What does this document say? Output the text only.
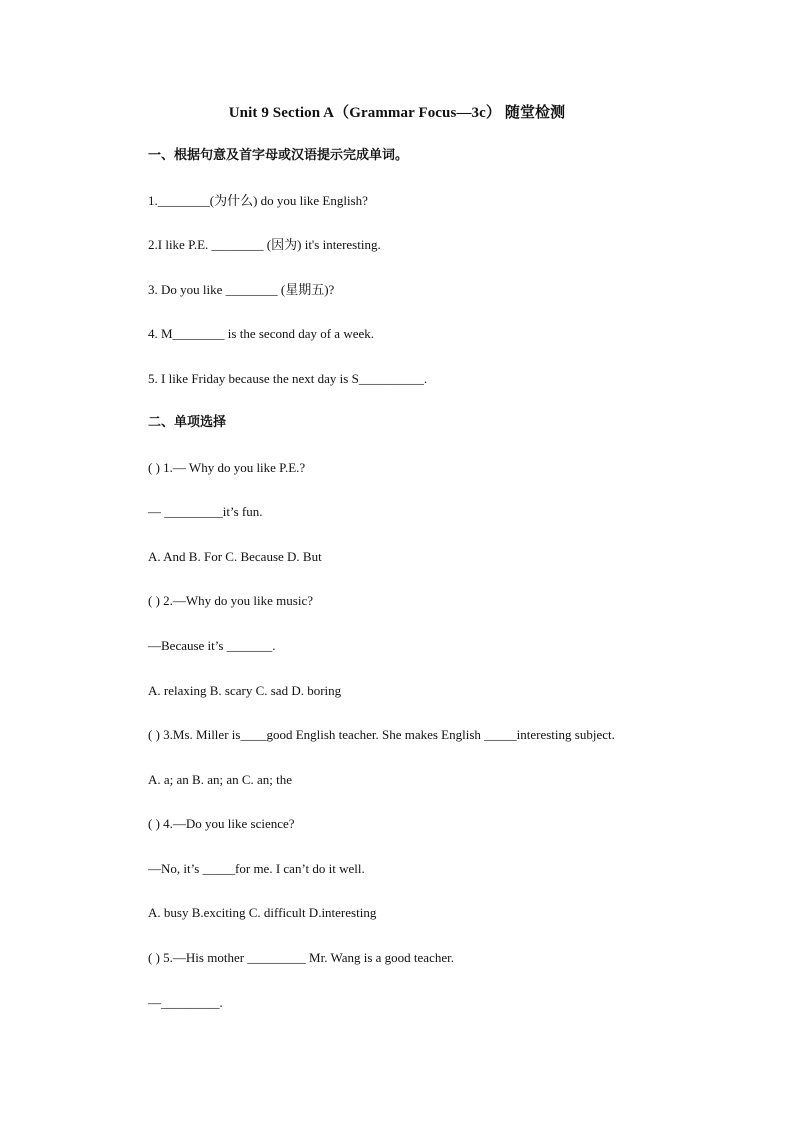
Unit 9 Section A（Grammar Focus—3c） 随堂检测
一、根据句意及首字母或汉语提示完成单词。
1.________(为什么) do you like English?
2.I like P.E. ________ (因为) it's interesting.
3. Do you like ________ (星期五)?
4. M________ is the second day of a week.
5. I like Friday because the next day is S__________.
二、单项选择
( ) 1.— Why do you like P.E.?
— _________it’s fun.
A. And B. For C. Because D. But
( ) 2.—Why do you like music?
—Because it’s _______.
A. relaxing B. scary C. sad D. boring
( ) 3.Ms. Miller is____good English teacher. She makes English _____interesting subject.
A. a; an B. an; an C. an; the
( ) 4.—Do you like science?
—No, it’s _____for me. I can’t do it well.
A. busy B.exciting C. difficult D.interesting
( ) 5.—His mother _________ Mr. Wang is a good teacher.
—_________.
